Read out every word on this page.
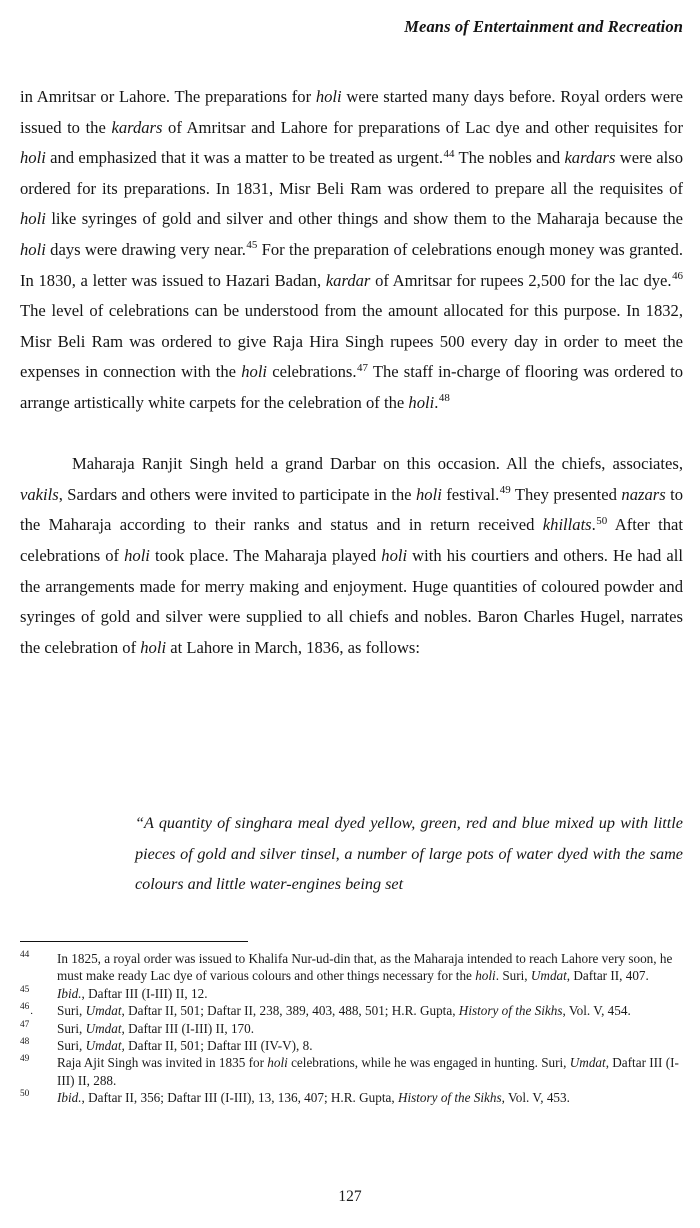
Means of Entertainment and Recreation

in Amritsar or Lahore. The preparations for holi were started many days before. Royal orders were issued to the kardars of Amritsar and Lahore for preparations of Lac dye and other requisites for holi and emphasized that it was a matter to be treated as urgent.$^{44}$ The nobles and kardars were also ordered for its preparations. In 1831, Misr Beli Ram was ordered to prepare all the requisites of holi like syringes of gold and silver and other things and show them to the Maharaja because the holi days were drawing very near.$^{45}$ For the preparation of celebrations enough money was granted. In 1830, a letter was issued to Hazari Badan, kardar of Amritsar for rupees 2,500 for the lac dye.$^{46}$ The level of celebrations can be understood from the amount allocated for this purpose. In 1832, Misr Beli Ram was ordered to give Raja Hira Singh rupees 500 every day in order to meet the expenses in connection with the holi celebrations.$^{47}$ The staff in-charge of flooring was ordered to arrange artistically white carpets for the celebration of the holi.$^{48}$

Maharaja Ranjit Singh held a grand Darbar on this occasion. All the chiefs, associates, vakils, Sardars and others were invited to participate in the holi festival.$^{49}$ They presented nazars to the Maharaja according to their ranks and status and in return received khillats.$^{50}$ After that celebrations of holi took place. The Maharaja played holi with his courtiers and others. He had all the arrangements made for merry making and enjoyment. Huge quantities of coloured powder and syringes of gold and silver were supplied to all chiefs and nobles. Baron Charles Hugel, narrates the celebration of holi at Lahore in March, 1836, as follows:

“A quantity of singhara meal dyed yellow, green, red and blue mixed up with little pieces of gold and silver tinsel, a number of large pots of water dyed with the same colours and little water-engines being set

44	In 1825, a royal order was issued to Khalifa Nur-ud-din that, as the Maharaja intended to reach Lahore very soon, he must make ready Lac dye of various colours and other things necessary for the holi. Suri, Umdat, Daftar II, 407.
45	Ibid., Daftar III (I-III) II, 12.
46.	Suri, Umdat, Daftar II, 501; Daftar II, 238, 389, 403, 488, 501; H.R. Gupta, History of the Sikhs, Vol. V, 454.
47	Suri, Umdat, Daftar III (I-III) II, 170.
48	Suri, Umdat, Daftar II, 501; Daftar III (IV-V), 8.
49	Raja Ajit Singh was invited in 1835 for holi celebrations, while he was engaged in hunting. Suri, Umdat, Daftar III (I-III) II, 288.
50	Ibid., Daftar II, 356; Daftar III (I-III), 13, 136, 407; H.R. Gupta, History of the Sikhs, Vol. V, 453.
127
